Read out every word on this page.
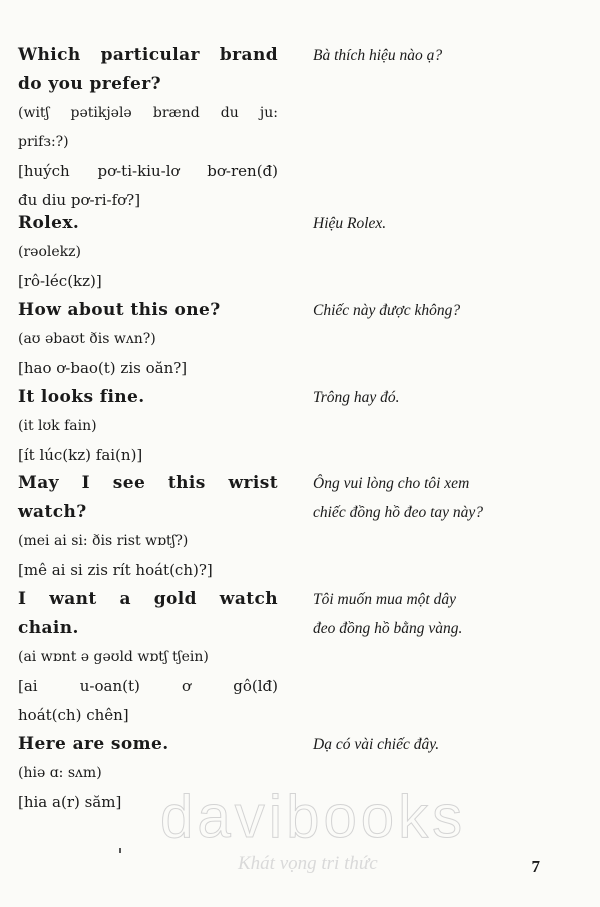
Which particular brand
do you prefer?
(witʃ pətikjələ brænd du ju:
prifз:?)
[huých pơ-ti-kiu-lơ bơ-ren(đ)
đu diu pơ-ri-fơ?]
Bà thích hiệu nào ạ?
Rolex.
(rəolekz)
[rô-léc(kz)]
Hiệu Rolex.
How about this one?
(aʊ əbaʊt ðis wʌn?)
[hao ơ-bao(t) zis oăn?]
Chiếc này được không?
It looks fine.
(it lʊk fain)
[ít lúc(kz) fai(n)]
Trông hay đó.
May I see this wrist
watch?
(mei ai si: ðis rist wɒtʃ?)
[mê ai si zis rít hoát(ch)?]
Ông vui lòng cho tôi xem
chiếc đồng hồ đeo tay này?
I want a gold watch
chain.
(ai wɒnt ə gəʊld wɒtʃ tʃein)
[ai u-oan(t) ơ gô(lđ)
hoát(ch) chên]
Tôi muốn mua một dây
đeo đồng hồ bằng vàng.
Here are some.
(hiə ɑ: sʌm)
[hia a(r) săm]
Dạ có vài chiếc đây.
davibooks
Khát vọng tri thức	7
